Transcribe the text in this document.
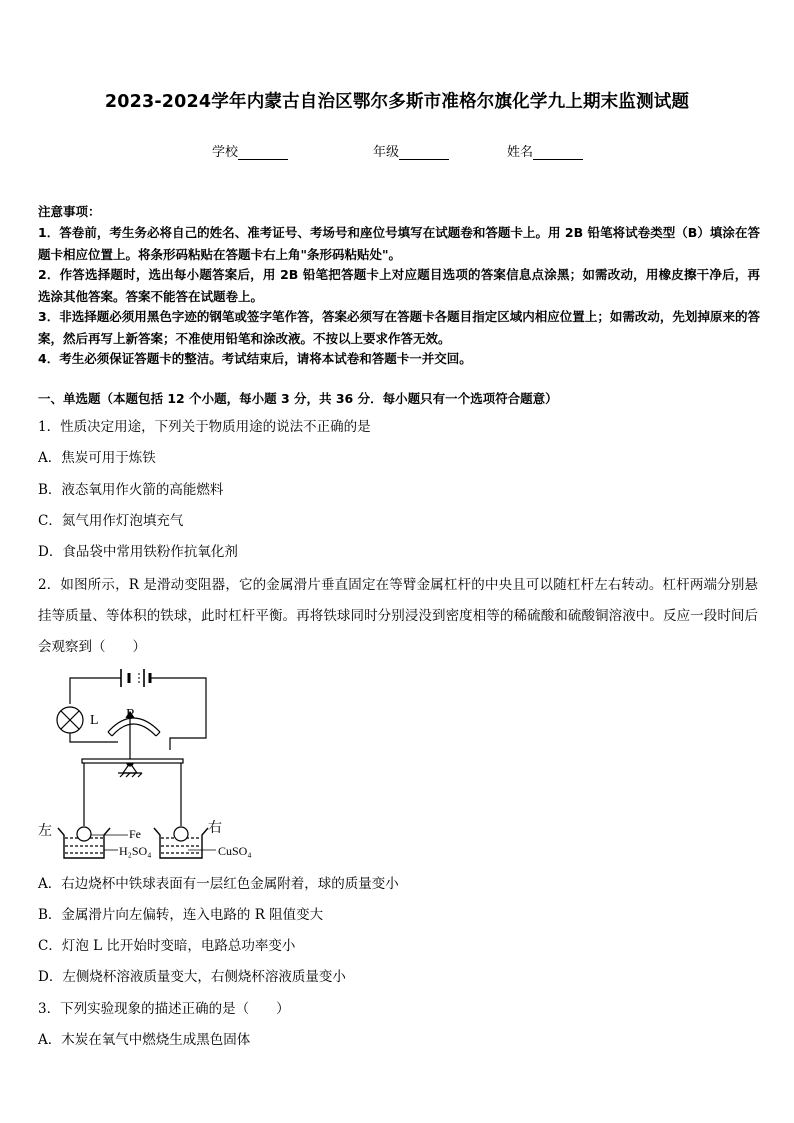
2023-2024学年内蒙古自治区鄂尔多斯市准格尔旗化学九上期末监测试题
学校	年级	姓名
注意事项：
1．答卷前，考生务必将自己的姓名、准考证号、考场号和座位号填写在试题卷和答题卡上。用 2B 铅笔将试卷类型（B）填涂在答题卡相应位置上。将条形码粘贴在答题卡右上角"条形码粘贴处"。
2．作答选择题时，选出每小题答案后，用 2B 铅笔把答题卡上对应题目选项的答案信息点涂黑；如需改动，用橡皮擦干净后，再选涂其他答案。答案不能答在试题卷上。
3．非选择题必须用黑色字迹的钢笔或签字笔作答，答案必须写在答题卡各题目指定区域内相应位置上；如需改动，先划掉原来的答案，然后再写上新答案；不准使用铅笔和涂改液。不按以上要求作答无效。
4．考生必须保证答题卡的整洁。考试结束后，请将本试卷和答题卡一并交回。
一、单选题（本题包括 12 个小题，每小题 3 分，共 36 分．每小题只有一个选项符合题意）
1．性质决定用途，下列关于物质用途的说法不正确的是
A．焦炭可用于炼铁
B．液态氧用作火箭的高能燃料
C．氮气用作灯泡填充气
D．食品袋中常用铁粉作抗氧化剂
2．如图所示，R 是滑动变阻器，它的金属滑片垂直固定在等臂金属杠杆的中央且可以随杠杆左右转动。杠杆两端分别悬挂等质量、等体积的铁球，此时杠杆平衡。再将铁球同时分别浸没到密度相等的稀硫酸和硫酸铜溶液中。反应一段时间后会观察到（　　）
L R
左	右
Fe
H₂SO₄	CuSO₄
A．右边烧杯中铁球表面有一层红色金属附着，球的质量变小
B．金属滑片向左偏转，连入电路的 R 阻值变大
C．灯泡 L 比开始时变暗，电路总功率变小
D．左侧烧杯溶液质量变大，右侧烧杯溶液质量变小
3．下列实验现象的描述正确的是（　　）
A．木炭在氧气中燃烧生成黑色固体
